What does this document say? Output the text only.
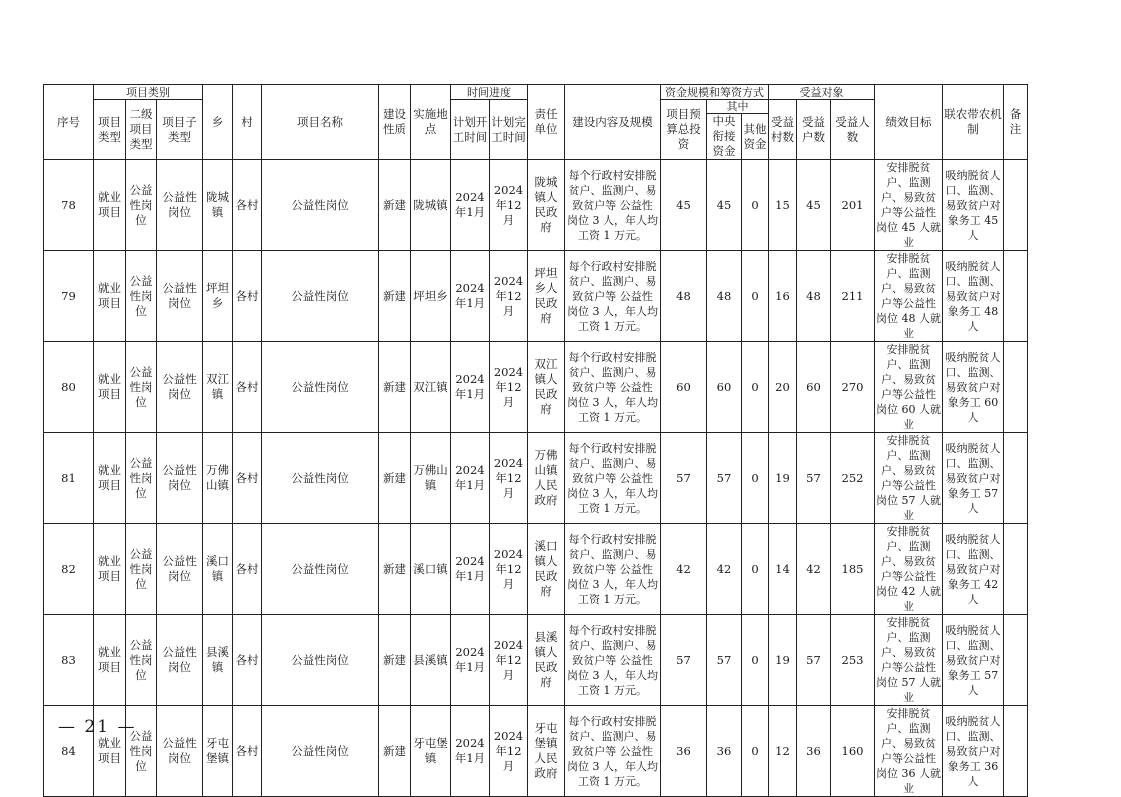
序号	项目类别			乡	村	项目名称	建设性质	实施地点	时间进度		责任单位	建设内容及规模	资金规模和筹资方式			受益对象			绩效目标	联农带农机制	备注
	项目类型	二级项目类型	项目子类型						计划开工时间	计划完工时间			项目预算总投资	其中		受益村数	受益户数	受益人数			
														中央衔接资金	其他资金						
78	就业项目	公益性岗位	公益性岗位	陇城镇	各村	公益性岗位	新建	陇城镇	2024年1月	2024年12月	陇城镇人民政府	每个行政村安排脱贫户、监测户、易致贫户等 公益性岗位 3 人，年人均工资 1 万元。	45	45	0	15	45	201	安排脱贫户、监测户、易致贫户等公益性岗位 45 人就业	吸纳脱贫人口、监测、易致贫户对象务工 45 人	
79	就业项目	公益性岗位	公益性岗位	坪坦乡	各村	公益性岗位	新建	坪坦乡	2024年1月	2024年12月	坪坦乡人民政府	每个行政村安排脱贫户、监测户、易致贫户等 公益性岗位 3 人，年人均工资 1 万元。	48	48	0	16	48	211	安排脱贫户、监测户、易致贫户等公益性岗位 48 人就业	吸纳脱贫人口、监测、易致贫户对象务工 48 人	
80	就业项目	公益性岗位	公益性岗位	双江镇	各村	公益性岗位	新建	双江镇	2024年1月	2024年12月	双江镇人民政府	每个行政村安排脱贫户、监测户、易致贫户等 公益性岗位 3 人，年人均工资 1 万元。	60	60	0	20	60	270	安排脱贫户、监测户、易致贫户等公益性岗位 60 人就业	吸纳脱贫人口、监测、易致贫户对象务工 60 人	
81	就业项目	公益性岗位	公益性岗位	万佛山镇	各村	公益性岗位	新建	万佛山镇	2024年1月	2024年12月	万佛山镇人民政府	每个行政村安排脱贫户、监测户、易致贫户等 公益性岗位 3 人，年人均工资 1 万元。	57	57	0	19	57	252	安排脱贫户、监测户、易致贫户等公益性岗位 57 人就业	吸纳脱贫人口、监测、易致贫户对象务工 57 人	
82	就业项目	公益性岗位	公益性岗位	溪口镇	各村	公益性岗位	新建	溪口镇	2024年1月	2024年12月	溪口镇人民政府	每个行政村安排脱贫户、监测户、易致贫户等 公益性岗位 3 人，年人均工资 1 万元。	42	42	0	14	42	185	安排脱贫户、监测户、易致贫户等公益性岗位 42 人就业	吸纳脱贫人口、监测、易致贫户对象务工 42 人	
83	就业项目	公益性岗位	公益性岗位	县溪镇	各村	公益性岗位	新建	县溪镇	2024年1月	2024年12月	县溪镇人民政府	每个行政村安排脱贫户、监测户、易致贫户等 公益性岗位 3 人，年人均工资 1 万元。	57	57	0	19	57	253	安排脱贫户、监测户、易致贫户等公益性岗位 57 人就业	吸纳脱贫人口、监测、易致贫户对象务工 57 人	
84	就业项目	公益性岗位	公益性岗位	牙屯堡镇	各村	公益性岗位	新建	牙屯堡镇	2024年1月	2024年12月	牙屯堡镇人民政府	每个行政村安排脱贫户、监测户、易致贫户等 公益性岗位 3 人，年人均工资 1 万元。	36	36	0	12	36	160	安排脱贫户、监测户、易致贫户等公益性岗位 36 人就业	吸纳脱贫人口、监测、易致贫户对象务工 36 人	
— 21 —
